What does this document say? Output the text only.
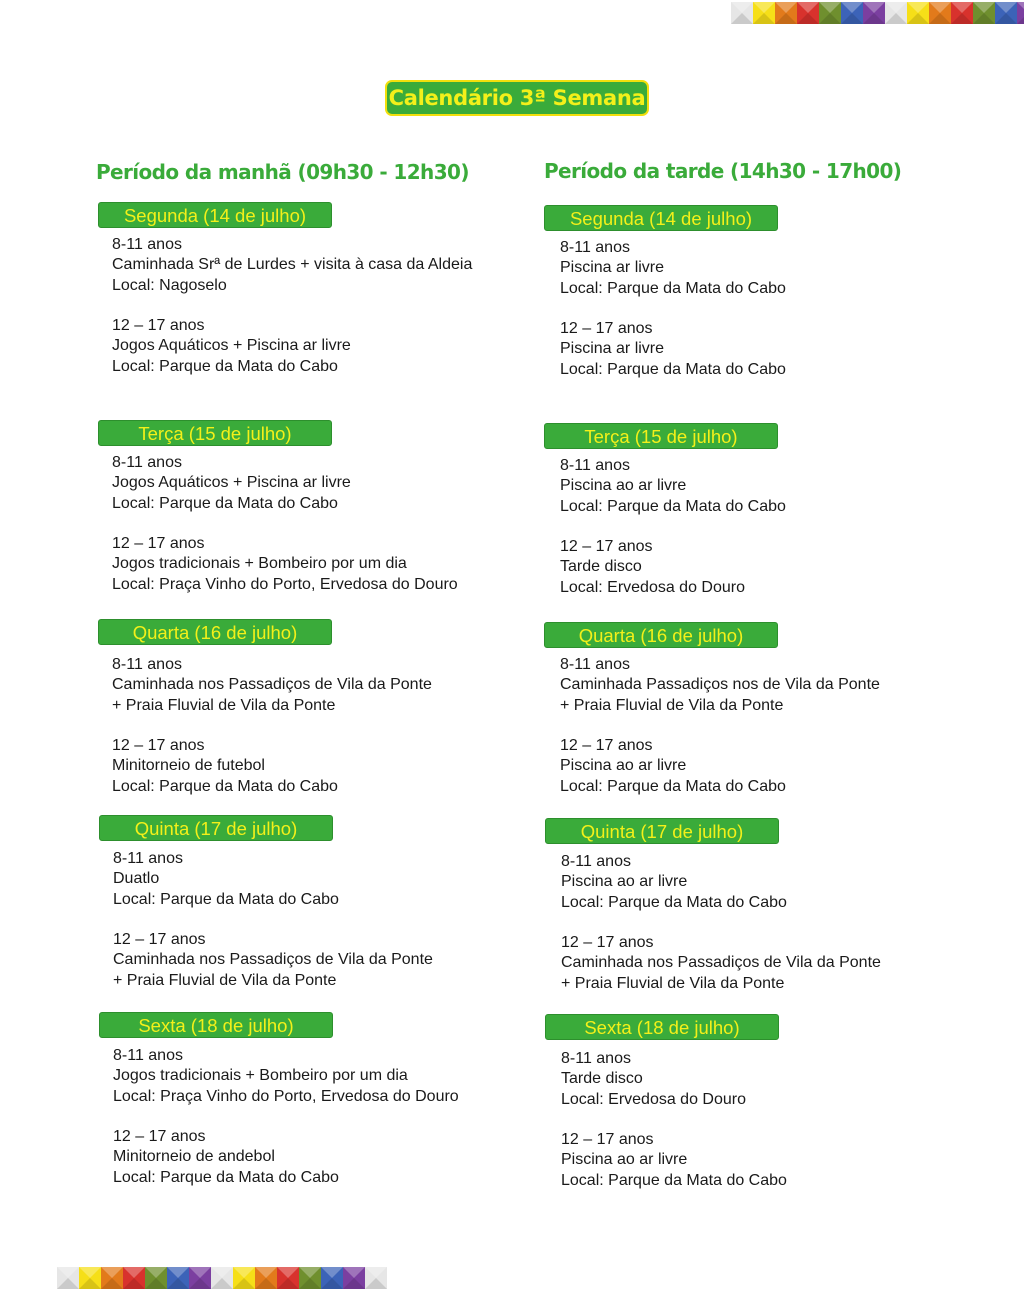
Calendário 3ª Semana
Período da manhã (09h30 - 12h30)
Segunda (14 de julho)
8-11 anos
Caminhada Srª de Lurdes + visita à casa da Aldeia
Local: Nagoselo
12 – 17 anos
Jogos Aquáticos + Piscina ar livre
Local: Parque da Mata do Cabo
Terça (15 de julho)
8-11 anos
Jogos Aquáticos + Piscina ar livre
Local: Parque da Mata do Cabo
12 – 17 anos
Jogos tradicionais + Bombeiro por um dia
Local: Praça Vinho do Porto, Ervedosa do Douro
Quarta (16 de julho)
8-11 anos
Caminhada nos Passadiços de Vila da Ponte
+ Praia Fluvial de Vila da Ponte
12 – 17 anos
Minitorneio de futebol
Local: Parque da Mata do Cabo
Quinta (17 de julho)
8-11 anos
Duatlo
Local: Parque da Mata do Cabo
12 – 17 anos
Caminhada nos Passadiços de Vila da Ponte
+ Praia Fluvial de Vila da Ponte
Sexta (18 de julho)
8-11 anos
Jogos tradicionais + Bombeiro por um dia
Local: Praça Vinho do Porto, Ervedosa do Douro
12 – 17 anos
Minitorneio de andebol
Local: Parque da Mata do Cabo
Período da tarde (14h30 - 17h00)
Segunda (14 de julho)
8-11 anos
Piscina ar livre
Local: Parque da Mata do Cabo
12 – 17 anos
Piscina ar livre
Local: Parque da Mata do Cabo
Terça (15 de julho)
8-11 anos
Piscina ao ar livre
Local: Parque da Mata do Cabo
12 – 17 anos
Tarde disco
Local: Ervedosa do Douro
Quarta (16 de julho)
8-11 anos
Caminhada Passadiços nos de Vila da Ponte
+ Praia Fluvial de Vila da Ponte
12 – 17 anos
Piscina ao ar livre
Local: Parque da Mata do Cabo
Quinta (17 de julho)
8-11 anos
Piscina ao ar livre
Local: Parque da Mata do Cabo
12 – 17 anos
Caminhada nos Passadiços de Vila da Ponte
+ Praia Fluvial de Vila da Ponte
Sexta (18 de julho)
8-11 anos
Tarde disco
Local: Ervedosa do Douro
12 – 17 anos
Piscina ao ar livre
Local: Parque da Mata do Cabo
